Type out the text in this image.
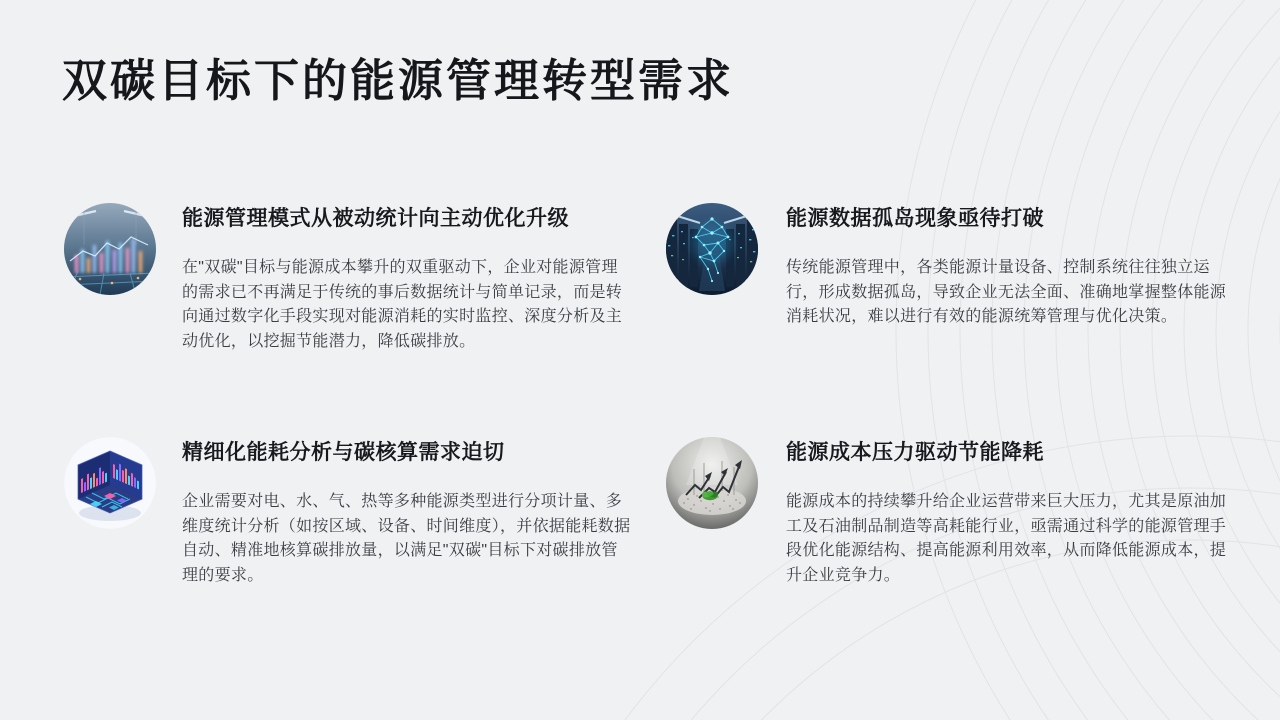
双碳目标下的能源管理转型需求
能源管理模式从被动统计向主动优化升级

在"双碳"目标与能源成本攀升的双重驱动下，企业对能源管理的需求已不再满足于传统的事后数据统计与简单记录，而是转向通过数字化手段实现对能源消耗的实时监控、深度分析及主动优化，以挖掘节能潜力，降低碳排放。

能源数据孤岛现象亟待打破

传统能源管理中，各类能源计量设备、控制系统往往独立运行，形成数据孤岛，导致企业无法全面、准确地掌握整体能源消耗状况，难以进行有效的能源统筹管理与优化决策。

精细化能耗分析与碳核算需求迫切

企业需要对电、水、气、热等多种能源类型进行分项计量、多维度统计分析（如按区域、设备、时间维度），并依据能耗数据自动、精准地核算碳排放量，以满足"双碳"目标下对碳排放管理的要求。

能源成本压力驱动节能降耗

能源成本的持续攀升给企业运营带来巨大压力，尤其是原油加工及石油制品制造等高耗能行业，亟需通过科学的能源管理手段优化能源结构、提高能源利用效率，从而降低能源成本，提升企业竞争力。
